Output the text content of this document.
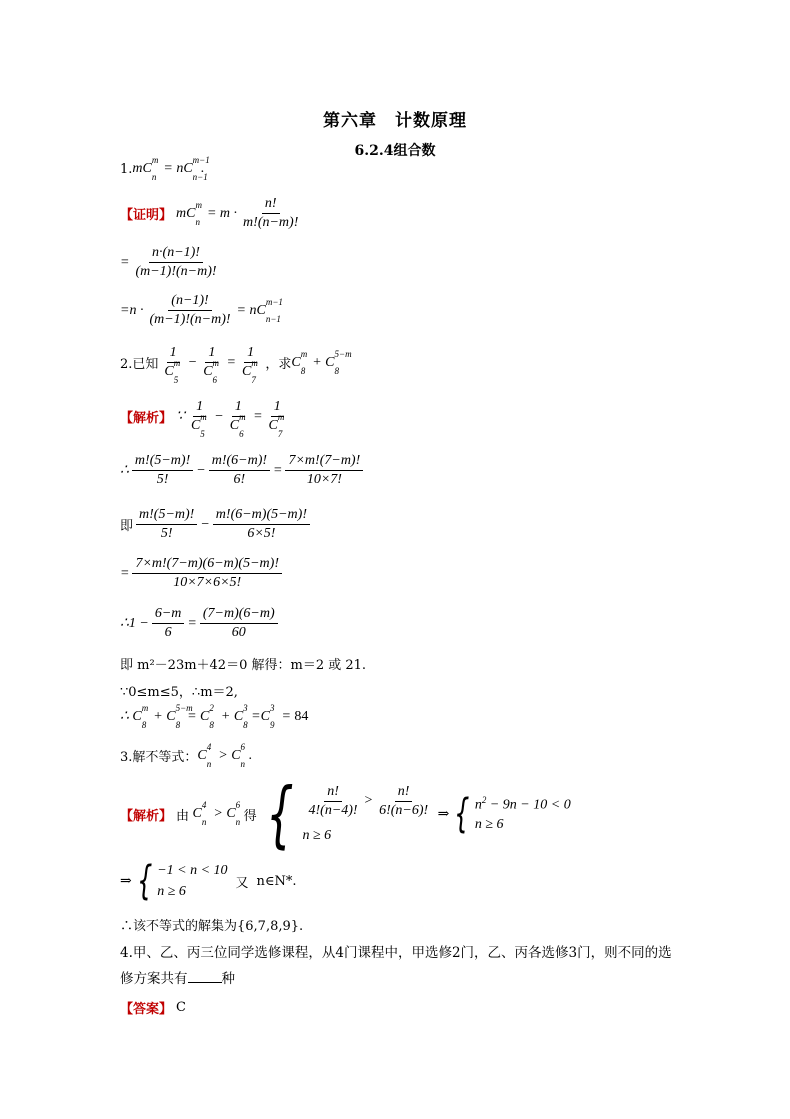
第六章　计数原理
6.2.4组合数
1. mC
m
n
= nC
m−1
n−1
.
【证明】 mC
m
n
= $m \cdot \frac{n!}{m!(n-m)!}$
= $\frac{n\cdot(n-1)!}{(m-1)!(n-m)!}$
$=n \cdot \frac{(n-1)!}{(m-1)!(n-m)!}$ = nC
m−1
n−1
2.已知 1
C
m
5 − 1
C
m
6 = 1
C
m
7 ，求 C
m
8
+ C
5−m
8
【解析】 ∵ 1
C
m
5 − 1
C
m
6 = 1
C
m
7
∴ $\frac{m!(5-m)!}{5!} - \frac{m!(6-m)!}{6!} = \frac{7\times m!(7-m)!}{10\times 7!}$
即 $\frac{m!(5-m)!}{5!} - \frac{m!(6-m)(5-m)!}{6\times 5!}$
= $\frac{7\times m!(7-m)(6-m)(5-m)!}{10\times 7\times 6\times 5!}$
∴1 − $\frac{6-m}{6} = \frac{(7-m)(6-m)}{60}$
即 m²－23m＋42＝0 解得：m＝2 或 21.
∵0≤m≤5，∴m＝2,
∴ C
m
8
+ C
5−m
8
= C
2
8
+ C
3
8
=C
3
9
= 84
3.解不等式： C
4
n
> C
6
n
.
【解析】 由 C
4
n
> C
6
n 得 { $\frac{n!}{4!(n-4)!} > \frac{n!}{6!(n-6)!}$
n ≥ 6
⇒ { $n^2 - 9n - 10 < 0$
n ≥ 6
⇒ { −1 < n < 10
n ≥ 6
又 n∈N*.
∴该不等式的解集为{6,7,8,9}.
4.甲、乙、丙三位同学选修课程，从4门课程中，甲选修2门，乙、丙各选修3门，则不同的选修方案共有	种
【答案】 C
